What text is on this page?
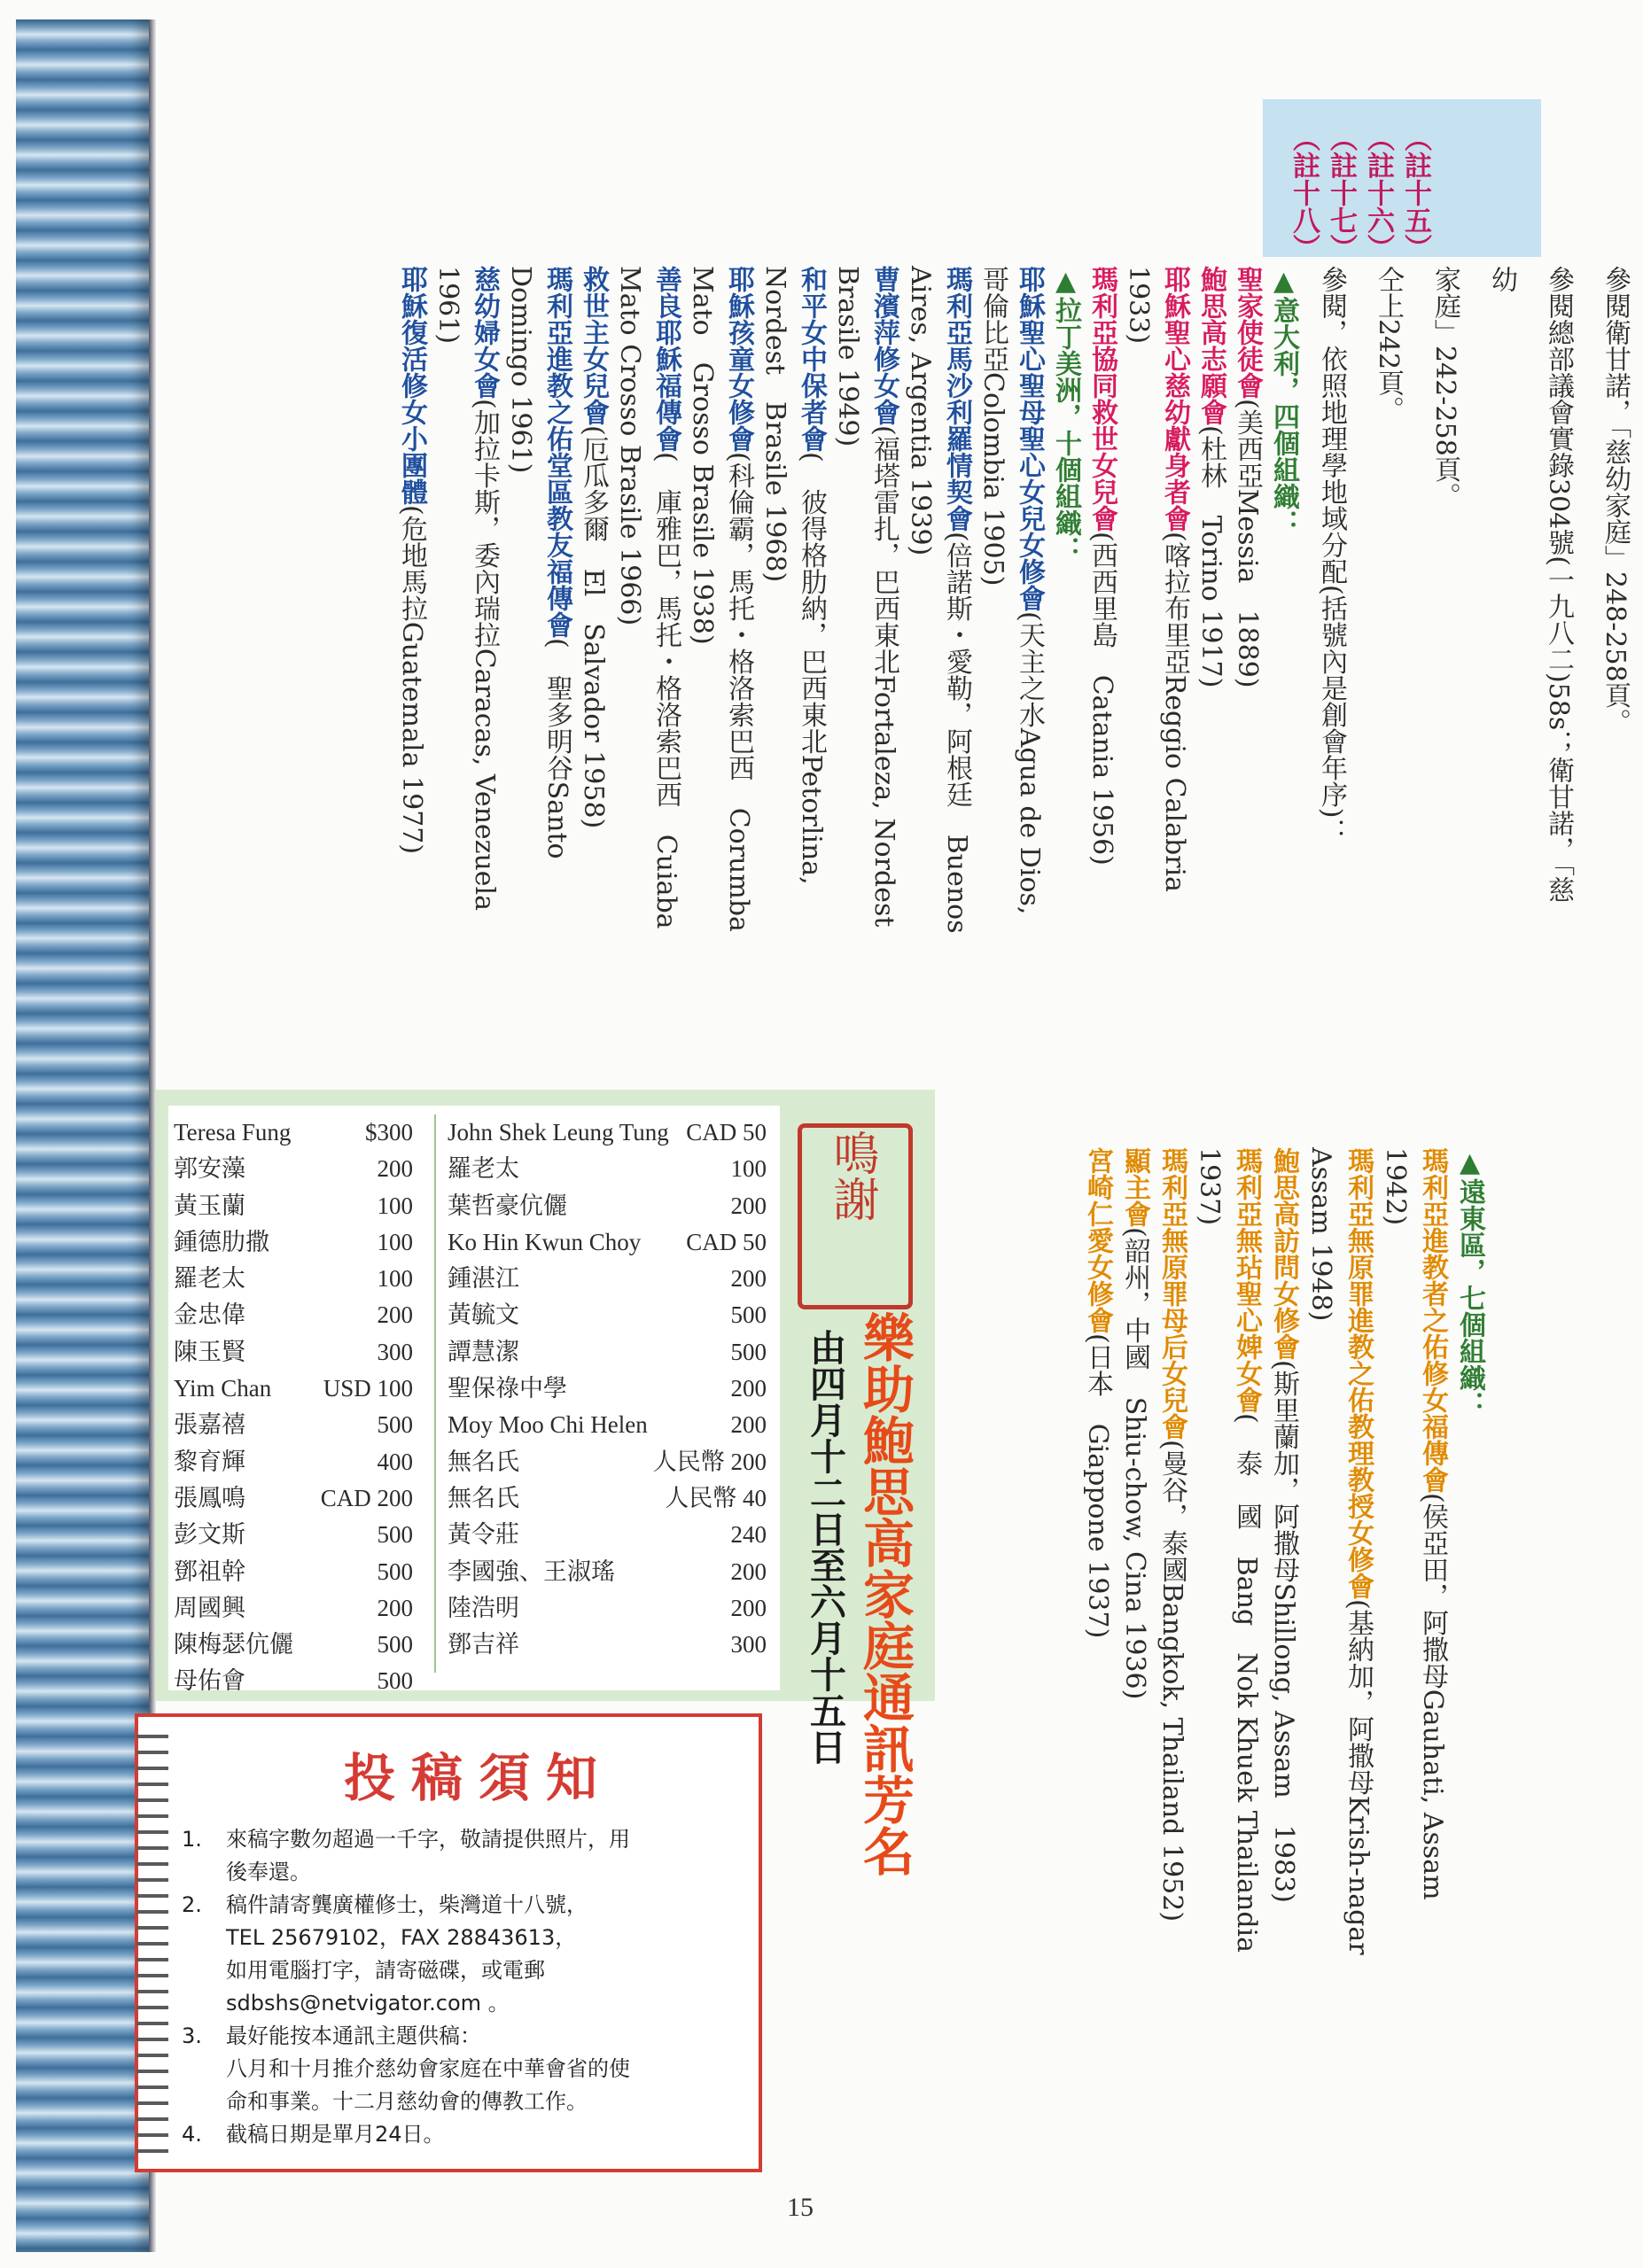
（註十五）

（註十六）

（註十七）

（註十八）

參閱衛甘諾，「慈幼家庭」248-258頁。

參閱總部議會實錄304號(一九八二)58s；衛甘諾，「慈幼

家庭」242-258頁。

仝上242頁。

參閱，依照地理學地域分配(括號內是創會年序)：

▲意大利，四個組織：

聖家使徒會(美西亞Messia　1889)

鮑思高志願會(杜林　Torino 1917)

耶穌聖心慈幼獻身者會(喀拉布里亞Reggio Calabria

1933)

瑪利亞協同救世女兒會(西西里島　Catania 1956)

▲拉丁美洲，十個組織：

耶穌聖心聖母聖心女兒女修會(天主之水Agua de Dios,

哥倫比亞Colombia 1905)

瑪利亞馬沙利羅情契會(倍諾斯・愛勒，阿根廷　Buenos

Aires, Argentia 1939)

曹濱萍修女會(福塔雷扎，巴西東北Fortaleza, Nordest

Brasile 1949)

和平女中保者會(　彼得格肋納，巴西東北Petorlina,

Nordest　Brasile 1968)

耶穌孩童女修會(科倫霸，馬托・格洛索巴西　Corumba

Mato　Grosso Brasile 1938)

善良耶穌福傳會(　庫雅巴，馬托・格洛索巴西　Cuiaba

Mato Crosso Brasile 1966)

救世主女兒會(厄瓜多爾　El　Salvador 1958)

瑪利亞進教之佑堂區教友福傳會(　聖多明谷Santo

Domingo 1961)

慈幼婦女會(加拉卡斯，委內瑞拉Caracas, Venezuela

1961)

耶穌復活修女小團體(危地馬拉Guatemala 1977)

▲遠東區，七個組織：

瑪利亞進教者之佑修女福傳會(侯亞田，阿撒母Gauhati, Assam

1942)

瑪利亞無原罪進教之佑教理教授女修會(基納加，阿撒母Krish-nagar

Assam 1948)

鮑思高訪問女修會(斯里蘭加，阿撒母Shillong, Assam　1983)

瑪利亞無玷聖心婢女會(　泰　國　Bang　Nok Khuek Thailandia

1937)

瑪利亞無原罪母后女兒會(曼谷，泰國Bangkok, Thailand 1952)

顯主會(韶州，中國　Shiu-chow, Cina 1936)

宮崎仁愛女修會(日本　Giappone 1937)

Teresa Fung	$300
郭安藻	200
黃玉蘭	100
鍾德肋撒	100
羅老太	100
金忠偉	200
陳玉賢	300
Yim Chan USD 100
張嘉禧	500
黎育輝	400
張鳳鳴	CAD 200
彭文斯	500
鄧祖幹	500
周國興	200
陳梅瑟伉儷	500
母佑會	500
John Shek Leung Tung CAD 50
羅老太	100
葉哲豪伉儷	200
Ko Hin Kwun Choy CAD 50
鍾湛江	200
黃毓文	500
譚慧潔	500
聖保祿中學	200
Moy Moo Chi Helen	200
無名氏	人民幣 200
無名氏	人民幣 40
黃令莊	240
李國強、王淑瑤	200
陸浩明	200
鄧吉祥	300
鳴謝
樂助鮑思高家庭通訊芳名
由四月十二日至六月十五日
投稿須知
1.	來稿字數勿超過一千字，敬請提供照片，用
後奉還。
2.	稿件請寄龔廣權修士，柴灣道十八號，
TEL 25679102，FAX 28843613，
如用電腦打字，請寄磁碟，或電郵
sdbshs@netvigator.com 。
3.	最好能按本通訊主題供稿：
八月和十月推介慈幼會家庭在中華會省的使
命和事業。十二月慈幼會的傳教工作。
4.	截稿日期是單月24日。
15
